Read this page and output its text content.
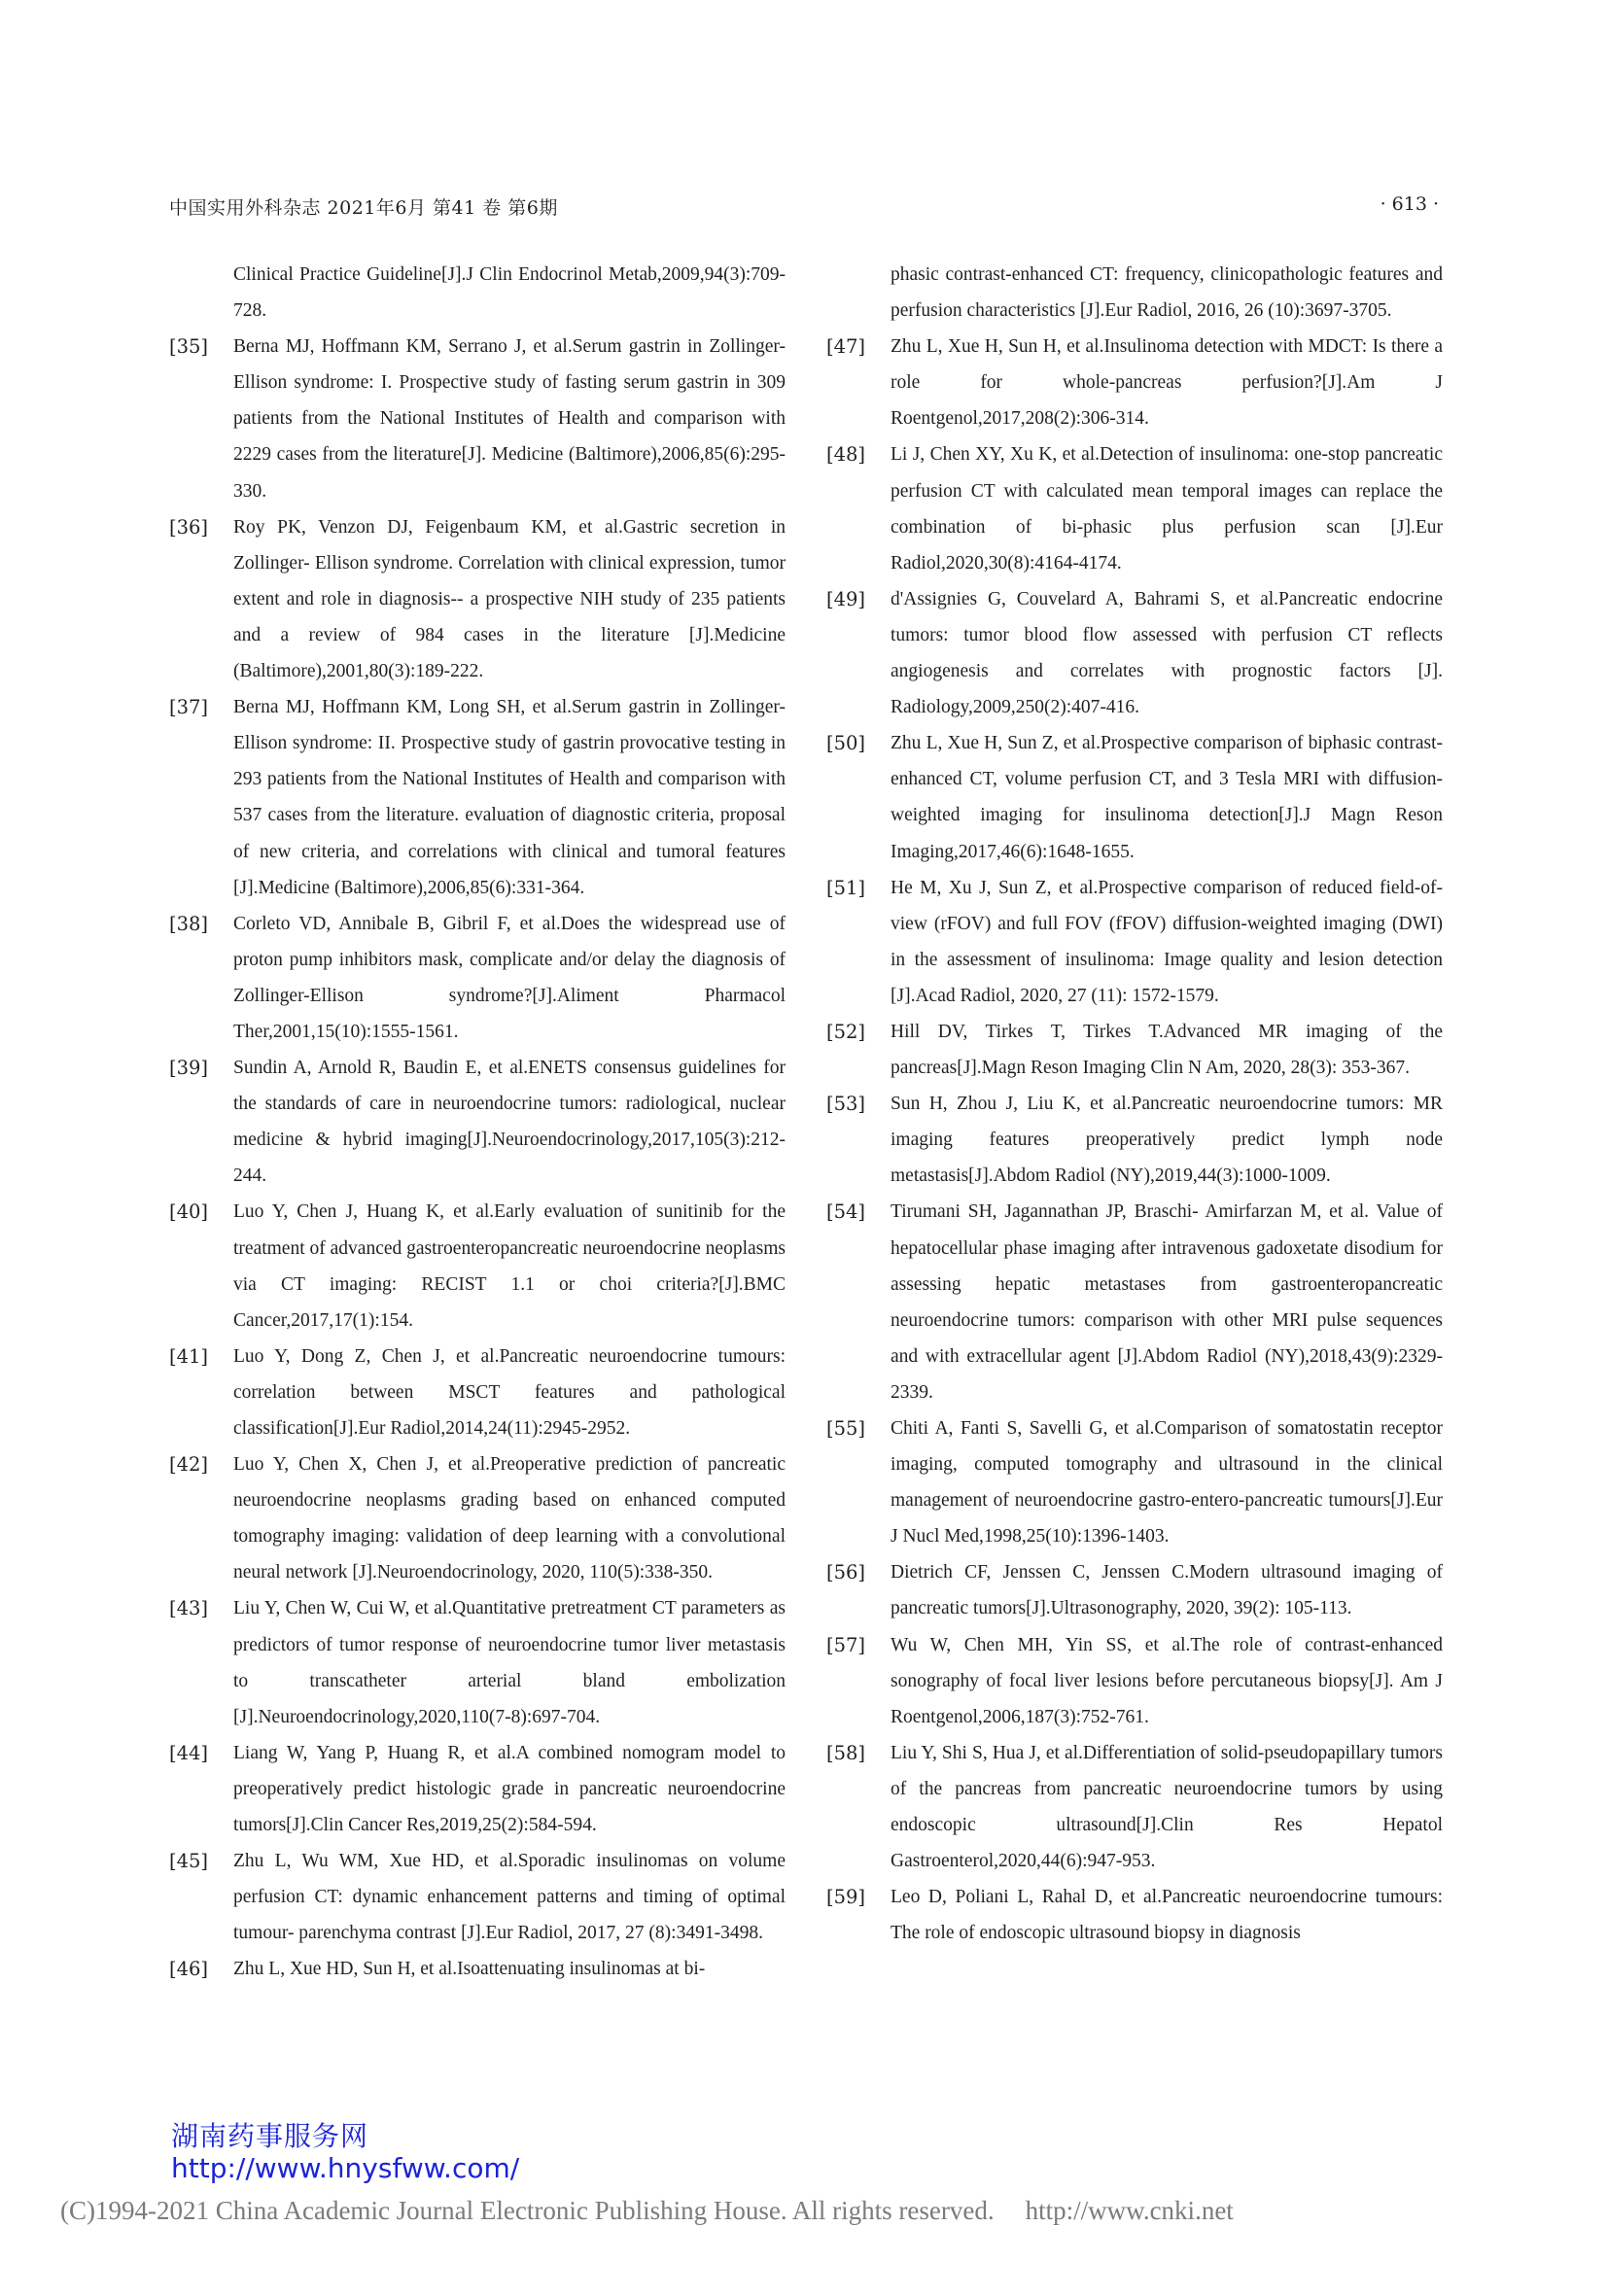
中国实用外科杂志 2021年6月 第41 卷 第6期	· 613 ·
Clinical Practice Guideline[J].J Clin Endocrinol Metab,2009,94(3):709-728.
[35] Berna MJ, Hoffmann KM, Serrano J, et al.Serum gastrin in Zollinger-Ellison syndrome: I. Prospective study of fasting serum gastrin in 309 patients from the National Institutes of Health and comparison with 2229 cases from the literature[J]. Medicine (Baltimore),2006,85(6):295-330.
[36] Roy PK, Venzon DJ, Feigenbaum KM, et al.Gastric secretion in Zollinger- Ellison syndrome. Correlation with clinical expression, tumor extent and role in diagnosis-- a prospective NIH study of 235 patients and a review of 984 cases in the literature [J].Medicine (Baltimore),2001,80(3):189-222.
[37] Berna MJ, Hoffmann KM, Long SH, et al.Serum gastrin in Zollinger- Ellison syndrome: II. Prospective study of gastrin provocative testing in 293 patients from the National Institutes of Health and comparison with 537 cases from the literature. evaluation of diagnostic criteria, proposal of new criteria, and correlations with clinical and tumoral features [J].Medicine (Baltimore),2006,85(6):331-364.
[38] Corleto VD, Annibale B, Gibril F, et al.Does the widespread use of proton pump inhibitors mask, complicate and/or delay the diagnosis of Zollinger-Ellison syndrome?[J].Aliment Pharmacol Ther,2001,15(10):1555-1561.
[39] Sundin A, Arnold R, Baudin E, et al.ENETS consensus guidelines for the standards of care in neuroendocrine tumors: radiological, nuclear medicine & hybrid imaging[J].Neuroendocrinology,2017,105(3):212-244.
[40] Luo Y, Chen J, Huang K, et al.Early evaluation of sunitinib for the treatment of advanced gastroenteropancreatic neuroendocrine neoplasms via CT imaging: RECIST 1.1 or choi criteria?[J].BMC Cancer,2017,17(1):154.
[41] Luo Y, Dong Z, Chen J, et al.Pancreatic neuroendocrine tumours: correlation between MSCT features and pathological classification[J].Eur Radiol,2014,24(11):2945-2952.
[42] Luo Y, Chen X, Chen J, et al.Preoperative prediction of pancreatic neuroendocrine neoplasms grading based on enhanced computed tomography imaging: validation of deep learning with a convolutional neural network [J].Neuroendocrinology, 2020, 110(5):338-350.
[43] Liu Y, Chen W, Cui W, et al.Quantitative pretreatment CT parameters as predictors of tumor response of neuroendocrine tumor liver metastasis to transcatheter arterial bland embolization [J].Neuroendocrinology,2020,110(7-8):697-704.
[44] Liang W, Yang P, Huang R, et al.A combined nomogram model to preoperatively predict histologic grade in pancreatic neuroendocrine tumors[J].Clin Cancer Res,2019,25(2):584-594.
[45] Zhu L, Wu WM, Xue HD, et al.Sporadic insulinomas on volume perfusion CT: dynamic enhancement patterns and timing of optimal tumour- parenchyma contrast [J].Eur Radiol, 2017, 27 (8):3491-3498.
[46] Zhu L, Xue HD, Sun H, et al.Isoattenuating insulinomas at bi-
phasic contrast-enhanced CT: frequency, clinicopathologic features and perfusion characteristics [J].Eur Radiol, 2016, 26 (10):3697-3705.
[47] Zhu L, Xue H, Sun H, et al.Insulinoma detection with MDCT: Is there a role for whole-pancreas perfusion?[J].Am J Roentgenol,2017,208(2):306-314.
[48] Li J, Chen XY, Xu K, et al.Detection of insulinoma: one-stop pancreatic perfusion CT with calculated mean temporal images can replace the combination of bi-phasic plus perfusion scan [J].Eur Radiol,2020,30(8):4164-4174.
[49] d'Assignies G, Couvelard A, Bahrami S, et al.Pancreatic endocrine tumors: tumor blood flow assessed with perfusion CT reflects angiogenesis and correlates with prognostic factors [J]. Radiology,2009,250(2):407-416.
[50] Zhu L, Xue H, Sun Z, et al.Prospective comparison of biphasic contrast-enhanced CT, volume perfusion CT, and 3 Tesla MRI with diffusion-weighted imaging for insulinoma detection[J].J Magn Reson Imaging,2017,46(6):1648-1655.
[51] He M, Xu J, Sun Z, et al.Prospective comparison of reduced field-of-view (rFOV) and full FOV (fFOV) diffusion-weighted imaging (DWI) in the assessment of insulinoma: Image quality and lesion detection [J].Acad Radiol, 2020, 27 (11): 1572-1579.
[52] Hill DV, Tirkes T, Tirkes T.Advanced MR imaging of the pancreas[J].Magn Reson Imaging Clin N Am, 2020, 28(3): 353-367.
[53] Sun H, Zhou J, Liu K, et al.Pancreatic neuroendocrine tumors: MR imaging features preoperatively predict lymph node metastasis[J].Abdom Radiol (NY),2019,44(3):1000-1009.
[54] Tirumani SH, Jagannathan JP, Braschi- Amirfarzan M, et al. Value of hepatocellular phase imaging after intravenous gadoxetate disodium for assessing hepatic metastases from gastroenteropancreatic neuroendocrine tumors: comparison with other MRI pulse sequences and with extracellular agent [J].Abdom Radiol (NY),2018,43(9):2329-2339.
[55] Chiti A, Fanti S, Savelli G, et al.Comparison of somatostatin receptor imaging, computed tomography and ultrasound in the clinical management of neuroendocrine gastro-entero-pancreatic tumours[J].Eur J Nucl Med,1998,25(10):1396-1403.
[56] Dietrich CF, Jenssen C, Jenssen C.Modern ultrasound imaging of pancreatic tumors[J].Ultrasonography, 2020, 39(2): 105-113.
[57] Wu W, Chen MH, Yin SS, et al.The role of contrast-enhanced sonography of focal liver lesions before percutaneous biopsy[J]. Am J Roentgenol,2006,187(3):752-761.
[58] Liu Y, Shi S, Hua J, et al.Differentiation of solid-pseudopapillary tumors of the pancreas from pancreatic neuroendocrine tumors by using endoscopic ultrasound[J].Clin Res Hepatol Gastroenterol,2020,44(6):947-953.
[59] Leo D, Poliani L, Rahal D, et al.Pancreatic neuroendocrine tumours: The role of endoscopic ultrasound biopsy in diagnosis
湖南药事服务网
http://www.hnysfww.com/
(C)1994-2021 China Academic Journal Electronic Publishing House. All rights reserved. http://www.cnki.net
